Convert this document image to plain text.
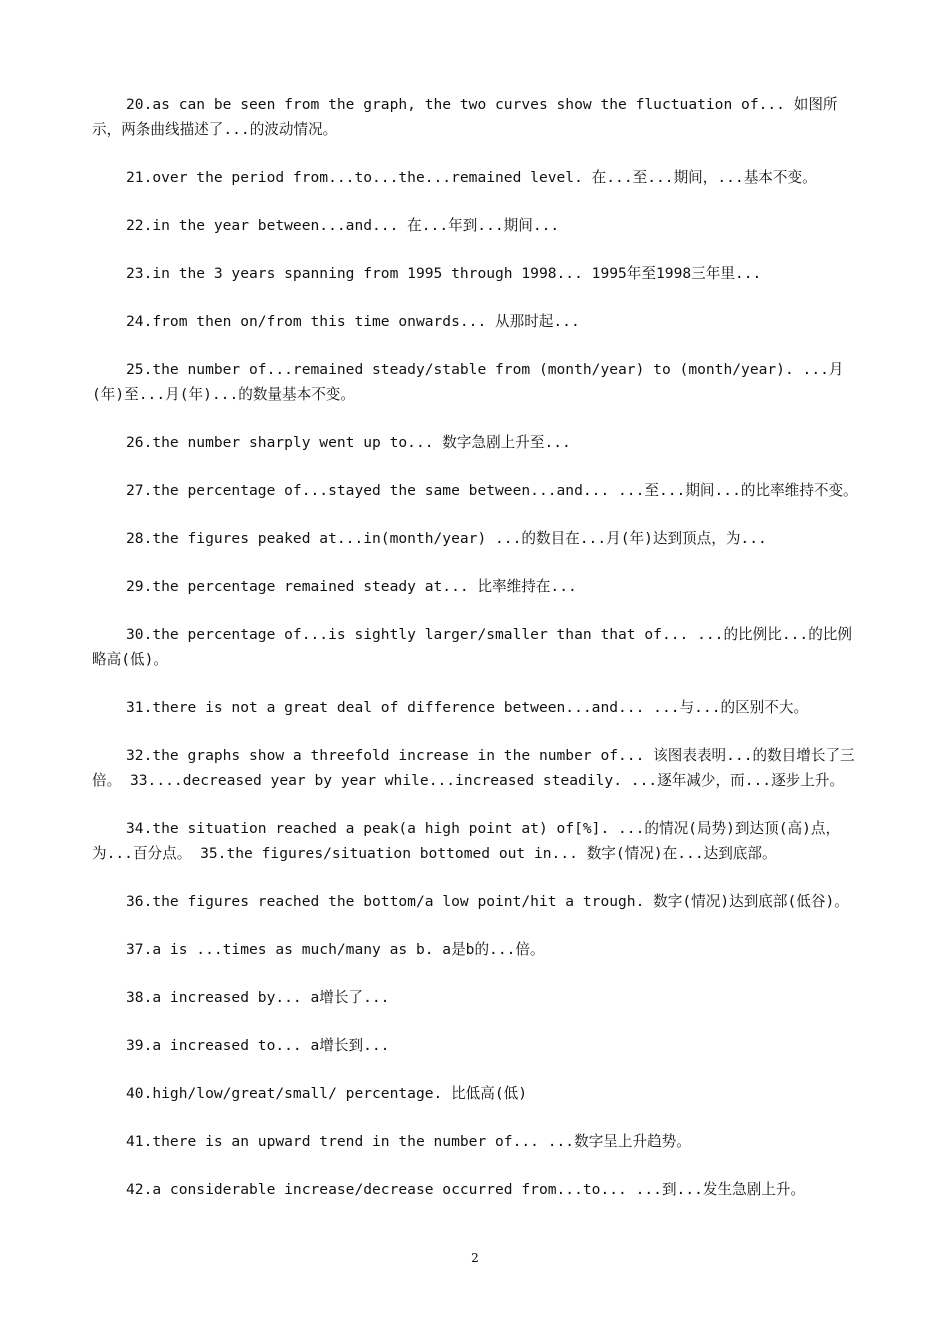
20.as can be seen from the graph, the two curves show the fluctuation of... 如图所示，两条曲线描述了...的波动情况。

21.over the period from...to...the...remained level. 在...至...期间，...基本不变。

22.in the year between...and... 在...年到...期间...

23.in the 3 years spanning from 1995 through 1998... 1995年至1998三年里...

24.from then on/from this time onwards... 从那时起...

25.the number of...remained steady/stable from (month/year) to (month/year). ...月(年)至...月(年)...的数量基本不变。

26.the number sharply went up to... 数字急剧上升至...

27.the percentage of...stayed the same between...and... ...至...期间...的比率维持不变。

28.the figures peaked at...in(month/year) ...的数目在...月(年)达到顶点，为...

29.the percentage remained steady at... 比率维持在...

30.the percentage of...is sightly larger/smaller than that of... ...的比例比...的比例略高(低)。

31.there is not a great deal of difference between...and... ...与...的区别不大。

32.the graphs show a threefold increase in the number of... 该图表表明...的数目增长了三倍。 33....decreased year by year while...increased steadily. ...逐年减少，而...逐步上升。

34.the situation reached a peak(a high point at) of[%]. ...的情况(局势)到达顶(高)点，为...百分点。 35.the figures/situation bottomed out in... 数字(情况)在...达到底部。

36.the figures reached the bottom/a low point/hit a trough. 数字(情况)达到底部(低谷)。

37.a is ...times as much/many as b. a是b的...倍。

38.a increased by... a增长了...

39.a increased to... a增长到...

40.high/low/great/small/ percentage. 比低高(低)

41.there is an upward trend in the number of... ...数字呈上升趋势。

42.a considerable increase/decrease occurred from...to... ...到...发生急剧上升。

2
